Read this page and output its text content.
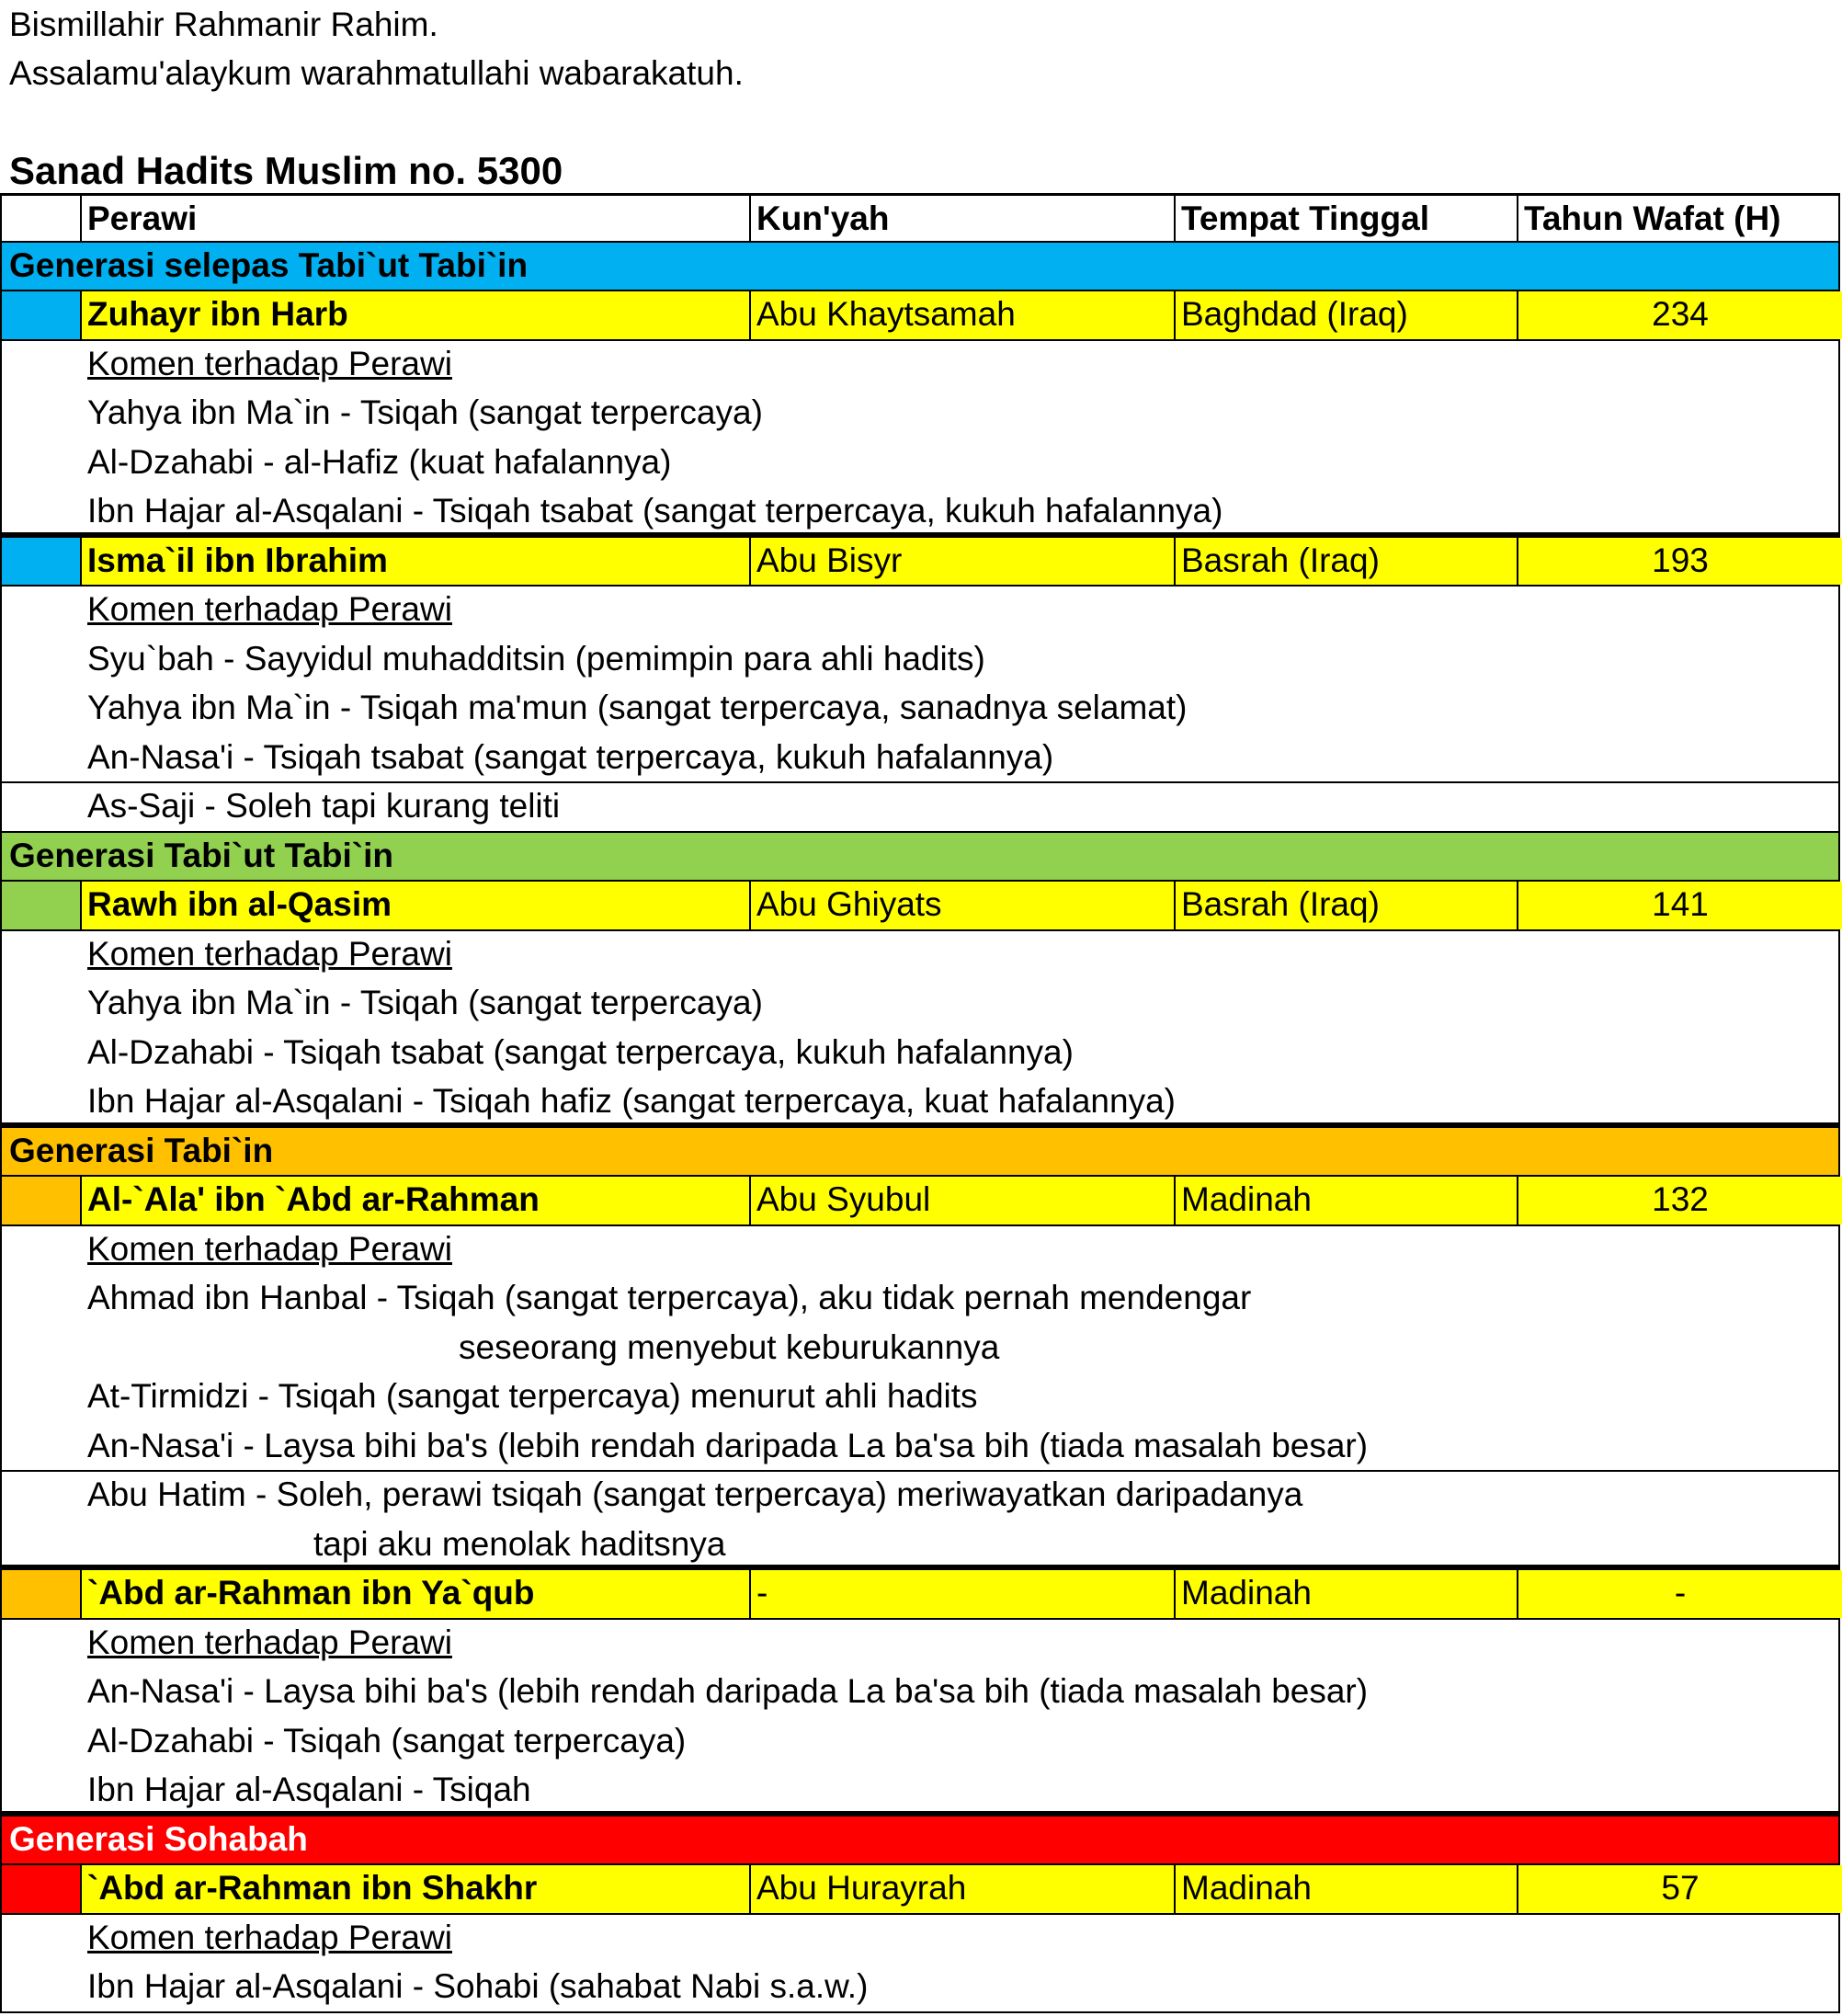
Bismillahir Rahmanir Rahim.
Assalamu'alaykum warahmatullahi wabarakatuh.
Sanad Hadits Muslim no. 5300
Perawi	Kun'yah	Tempat Tinggal	Tahun Wafat (H)
Generasi selepas Tabi`ut Tabi`in
Zuhayr ibn Harb	Abu Khaytsamah	Baghdad (Iraq)	234
Komen terhadap Perawi
Yahya ibn Ma`in - Tsiqah (sangat terpercaya)
Al-Dzahabi - al-Hafiz (kuat hafalannya)
Ibn Hajar al-Asqalani - Tsiqah tsabat (sangat terpercaya, kukuh hafalannya)
Isma`il ibn Ibrahim	Abu Bisyr	Basrah (Iraq)	193
Komen terhadap Perawi
Syu`bah - Sayyidul muhadditsin (pemimpin para ahli hadits)
Yahya ibn Ma`in - Tsiqah ma'mun (sangat terpercaya, sanadnya selamat)
An-Nasa'i - Tsiqah tsabat (sangat terpercaya, kukuh hafalannya)
As-Saji - Soleh tapi kurang teliti
Generasi Tabi`ut Tabi`in
Rawh ibn al-Qasim	Abu Ghiyats	Basrah (Iraq)	141
Komen terhadap Perawi
Yahya ibn Ma`in - Tsiqah (sangat terpercaya)
Al-Dzahabi - Tsiqah tsabat (sangat terpercaya, kukuh hafalannya)
Ibn Hajar al-Asqalani - Tsiqah hafiz (sangat terpercaya, kuat hafalannya)
Generasi Tabi`in
Al-`Ala' ibn `Abd ar-Rahman	Abu Syubul	Madinah	132
Komen terhadap Perawi
Ahmad ibn Hanbal - Tsiqah (sangat terpercaya), aku tidak pernah mendengar
seseorang menyebut keburukannya
At-Tirmidzi - Tsiqah (sangat terpercaya) menurut ahli hadits
An-Nasa'i - Laysa bihi ba's (lebih rendah daripada La ba'sa bih (tiada masalah besar)
Abu Hatim - Soleh, perawi tsiqah (sangat terpercaya) meriwayatkan daripadanya
tapi aku menolak haditsnya
`Abd ar-Rahman ibn Ya`qub	-	Madinah	-
Komen terhadap Perawi
An-Nasa'i - Laysa bihi ba's (lebih rendah daripada La ba'sa bih (tiada masalah besar)
Al-Dzahabi - Tsiqah (sangat terpercaya)
Ibn Hajar al-Asqalani - Tsiqah
Generasi Sohabah
`Abd ar-Rahman ibn Shakhr	Abu Hurayrah	Madinah	57
Komen terhadap Perawi
Ibn Hajar al-Asqalani - Sohabi (sahabat Nabi s.a.w.)
